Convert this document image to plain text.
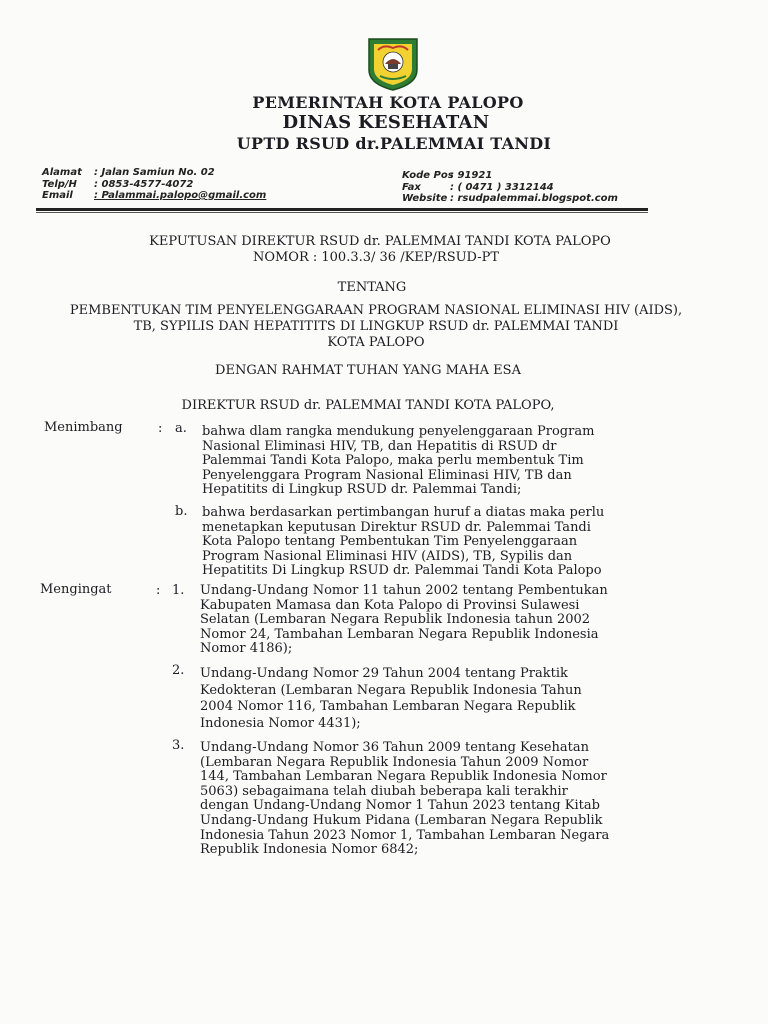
PEMERINTAH KOTA PALOPO
DINAS KESEHATAN
UPTD RSUD dr.PALEMMAI TANDI
Alamat : Jalan Samiun No. 02
Telp/H : 0853-4577-4072
Email : Palammai.palopo@gmail.com
Kode Pos: 91921
Fax	: ( 0471 ) 3312144
Website : rsudpalemmai.blogspot.com
KEPUTUSAN DIREKTUR RSUD dr. PALEMMAI TANDI KOTA PALOPO
NOMOR : 100.3.3/ 36 /KEP/RSUD-PT
TENTANG
PEMBENTUKAN TIM PENYELENGGARAAN PROGRAM NASIONAL ELIMINASI HIV (AIDS),
TB, SYPILIS DAN HEPATITITS DI LINGKUP RSUD dr. PALEMMAI TANDI
KOTA PALOPO
DENGAN RAHMAT TUHAN YANG MAHA ESA
DIREKTUR RSUD dr. PALEMMAI TANDI KOTA PALOPO,
Menimbang	: a. bahwa dlam rangka mendukung penyelenggaraan Program
Nasional Eliminasi HIV, TB, dan Hepatitis di RSUD dr
Palemmai Tandi Kota Palopo, maka perlu membentuk Tim
Penyelenggara Program Nasional Eliminasi HIV, TB dan
Hepatitits di Lingkup RSUD dr. Palemmai Tandi;
b. bahwa berdasarkan pertimbangan huruf a diatas maka perlu
menetapkan keputusan Direktur RSUD dr. Palemmai Tandi
Kota Palopo tentang Pembentukan Tim Penyelenggaraan
Program Nasional Eliminasi HIV (AIDS), TB, Sypilis dan
Hepatitits Di Lingkup RSUD dr. Palemmai Tandi Kota Palopo
Mengingat	: 1. Undang-Undang Nomor 11 tahun 2002 tentang Pembentukan
Kabupaten Mamasa dan Kota Palopo di Provinsi Sulawesi
Selatan (Lembaran Negara Republik Indonesia tahun 2002
Nomor 24, Tambahan Lembaran Negara Republik Indonesia
Nomor 4186);
2. Undang-Undang Nomor 29 Tahun 2004 tentang Praktik
Kedokteran (Lembaran Negara Republik Indonesia Tahun
2004 Nomor 116, Tambahan Lembaran Negara Republik
Indonesia Nomor 4431);
3. Undang-Undang Nomor 36 Tahun 2009 tentang Kesehatan
(Lembaran Negara Republik Indonesia Tahun 2009 Nomor
144, Tambahan Lembaran Negara Republik Indonesia Nomor
5063) sebagaimana telah diubah beberapa kali terakhir
dengan Undang-Undang Nomor 1 Tahun 2023 tentang Kitab
Undang-Undang Hukum Pidana (Lembaran Negara Republik
Indonesia Tahun 2023 Nomor 1, Tambahan Lembaran Negara
Republik Indonesia Nomor 6842;
